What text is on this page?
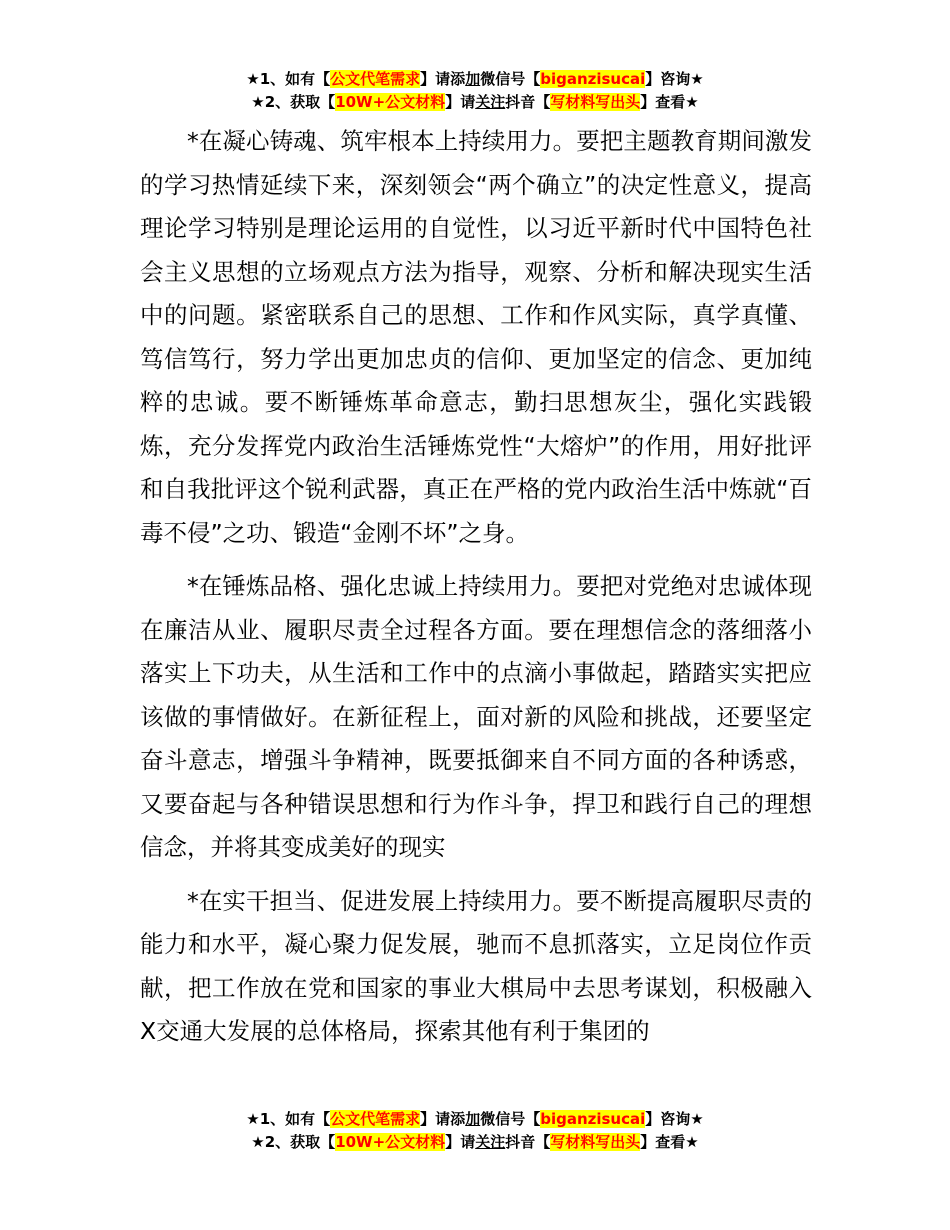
★1、如有【公文代笔需求】请添加微信号【biganzisucai】咨询★
★2、获取【10W+公文材料】请关注抖音【写材料写出头】查看★

*在凝心铸魂、筑牢根本上持续用力。要把主题教育期间激发的学习热情延续下来，深刻领会“两个确立”的决定性意义，提高理论学习特别是理论运用的自觉性，以习近平新时代中国特色社会主义思想的立场观点方法为指导，观察、分析和解决现实生活中的问题。紧密联系自己的思想、工作和作风实际，真学真懂、笃信笃行，努力学出更加忠贞的信仰、更加坚定的信念、更加纯粹的忠诚。要不断锤炼革命意志，勤扫思想灰尘，强化实践锻炼，充分发挥党内政治生活锤炼党性“大熔炉”的作用，用好批评和自我批评这个锐利武器，真正在严格的党内政治生活中炼就“百毒不侵”之功、锻造“金刚不坏”之身。

*在锤炼品格、强化忠诚上持续用力。要把对党绝对忠诚体现在廉洁从业、履职尽责全过程各方面。要在理想信念的落细落小落实上下功夫，从生活和工作中的点滴小事做起，踏踏实实把应该做的事情做好。在新征程上，面对新的风险和挑战，还要坚定奋斗意志，增强斗争精神，既要抵御来自不同方面的各种诱惑，又要奋起与各种错误思想和行为作斗争，捍卫和践行自己的理想信念，并将其变成美好的现实

*在实干担当、促进发展上持续用力。要不断提高履职尽责的能力和水平，凝心聚力促发展，驰而不息抓落实，立足岗位作贡献，把工作放在党和国家的事业大棋局中去思考谋划，积极融入X交通大发展的总体格局，探索其他有利于集团的

★1、如有【公文代笔需求】请添加微信号【biganzisucai】咨询★
★2、获取【10W+公文材料】请关注抖音【写材料写出头】查看★
